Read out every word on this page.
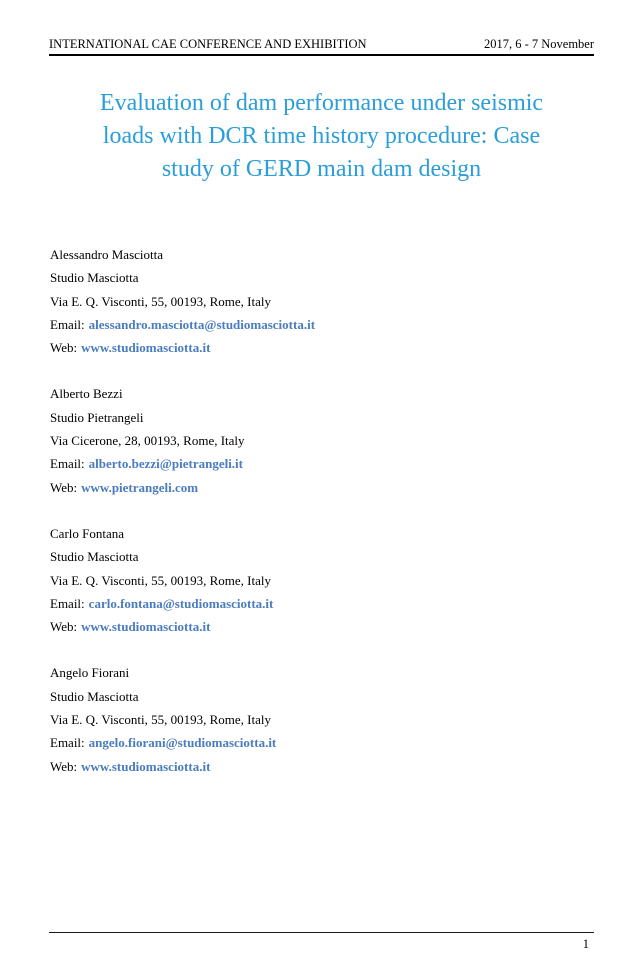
INTERNATIONAL CAE CONFERENCE AND EXHIBITION	2017, 6 - 7 November
Evaluation of dam performance under seismic
loads with DCR time history procedure: Case
study of GERD main dam design

Alessandro Masciotta

Studio Masciotta

Via E. Q. Visconti, 55, 00193, Rome, Italy

Email: alessandro.masciotta@studiomasciotta.it

Web: www.studiomasciotta.it

Alberto Bezzi

Studio Pietrangeli

Via Cicerone, 28, 00193, Rome, Italy

Email: alberto.bezzi@pietrangeli.it

Web: www.pietrangeli.com

Carlo Fontana

Studio Masciotta

Via E. Q. Visconti, 55, 00193, Rome, Italy

Email: carlo.fontana@studiomasciotta.it

Web: www.studiomasciotta.it

Angelo Fiorani

Studio Masciotta

Via E. Q. Visconti, 55, 00193, Rome, Italy

Email: angelo.fiorani@studiomasciotta.it

Web: www.studiomasciotta.it

1
